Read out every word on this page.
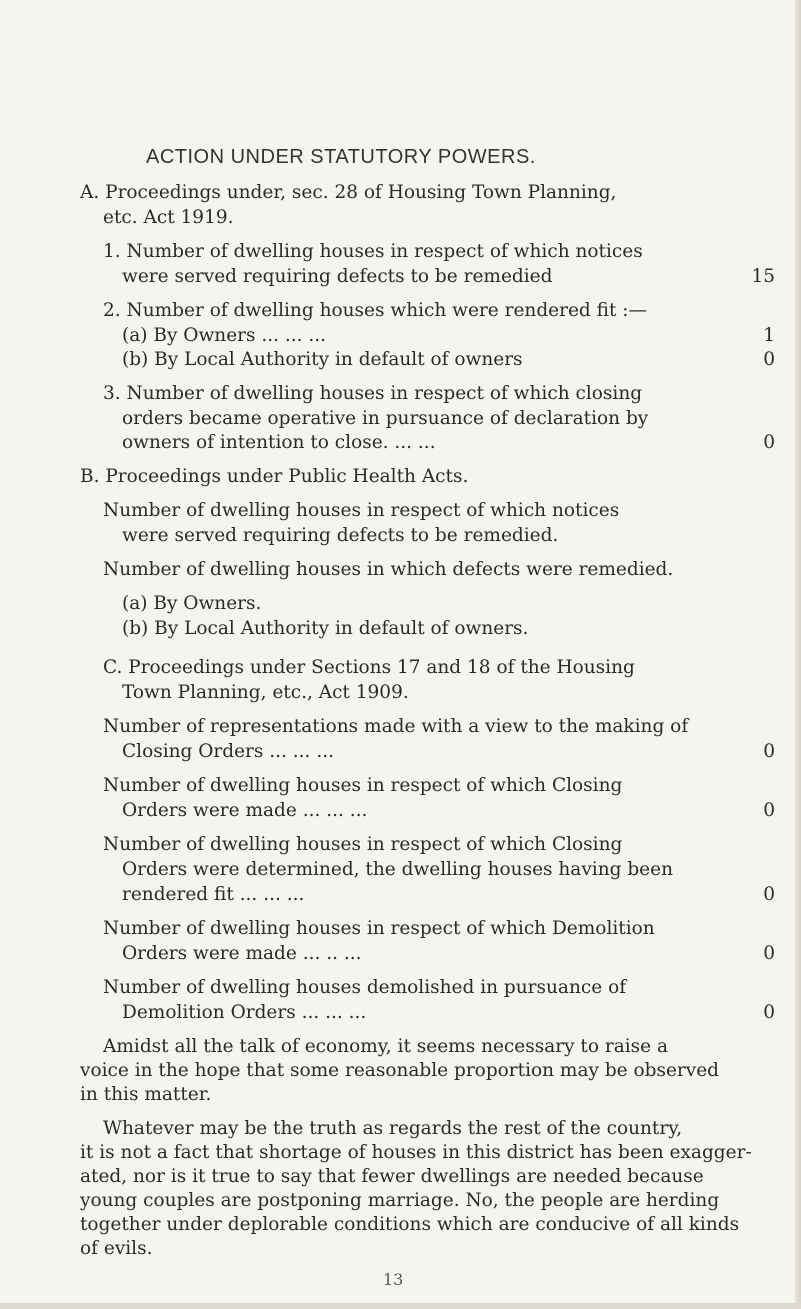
ACTION UNDER STATUTORY POWERS.
A. Proceedings under, sec. 28 of Housing Town Planning,
etc. Act 1919.
1. Number of dwelling houses in respect of which notices
were served requiring defects to be remedied	15
2. Number of dwelling houses which were rendered fit :—
(a) By Owners ... ... ...	1
(b) By Local Authority in default of owners	0
3. Number of dwelling houses in respect of which closing
orders became operative in pursuance of declaration by
owners of intention to close. ... ...	0
B. Proceedings under Public Health Acts.
Number of dwelling houses in respect of which notices
were served requiring defects to be remedied.
Number of dwelling houses in which defects were remedied.
(a) By Owners.
(b) By Local Authority in default of owners.
C. Proceedings under Sections 17 and 18 of the Housing
Town Planning, etc., Act 1909.
Number of representations made with a view to the making of
Closing Orders ... ... ...	0
Number of dwelling houses in respect of which Closing
Orders were made ... ... ...	0
Number of dwelling houses in respect of which Closing
Orders were determined, the dwelling houses having been
rendered fit ... ... ...	0
Number of dwelling houses in respect of which Demolition
Orders were made ... .. ...	0
Number of dwelling houses demolished in pursuance of
Demolition Orders ... ... ...	0
Amidst all the talk of economy, it seems necessary to raise a
voice in the hope that some reasonable proportion may be observed
in this matter.
Whatever may be the truth as regards the rest of the country,
it is not a fact that shortage of houses in this district has been exagger-
ated, nor is it true to say that fewer dwellings are needed because
young couples are postponing marriage. No, the people are herding
together under deplorable conditions which are conducive of all kinds
of evils.
13
